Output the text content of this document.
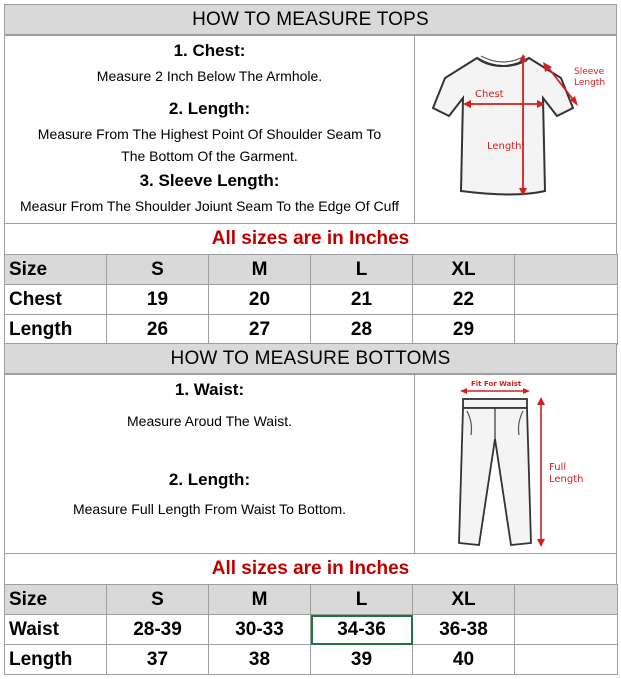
HOW TO MEASURE TOPS
1. Chest:
Measure 2 Inch Below The Armhole.
2. Length:
Measure From The Highest Point Of Shoulder Seam To
The Bottom Of the Garment.
3. Sleeve Length:
Measur From The Shoulder Joiunt Seam To the Edge Of Cuff
Chest
Length
Sleeve
Length
All sizes are in Inches
Size	S	M	L	XL	
Chest	19	20	21	22	
Length	26	27	28	29	
HOW TO MEASURE BOTTOMS
1. Waist:
Measure Aroud The Waist.
2. Length:
Measure Full Length From Waist To Bottom.
Fit For Waist
Full
Length
All sizes are in Inches
Size	S	M	L	XL	
Waist	28-39	30-33	34-36	36-38	
Length	37	38	39	40	
